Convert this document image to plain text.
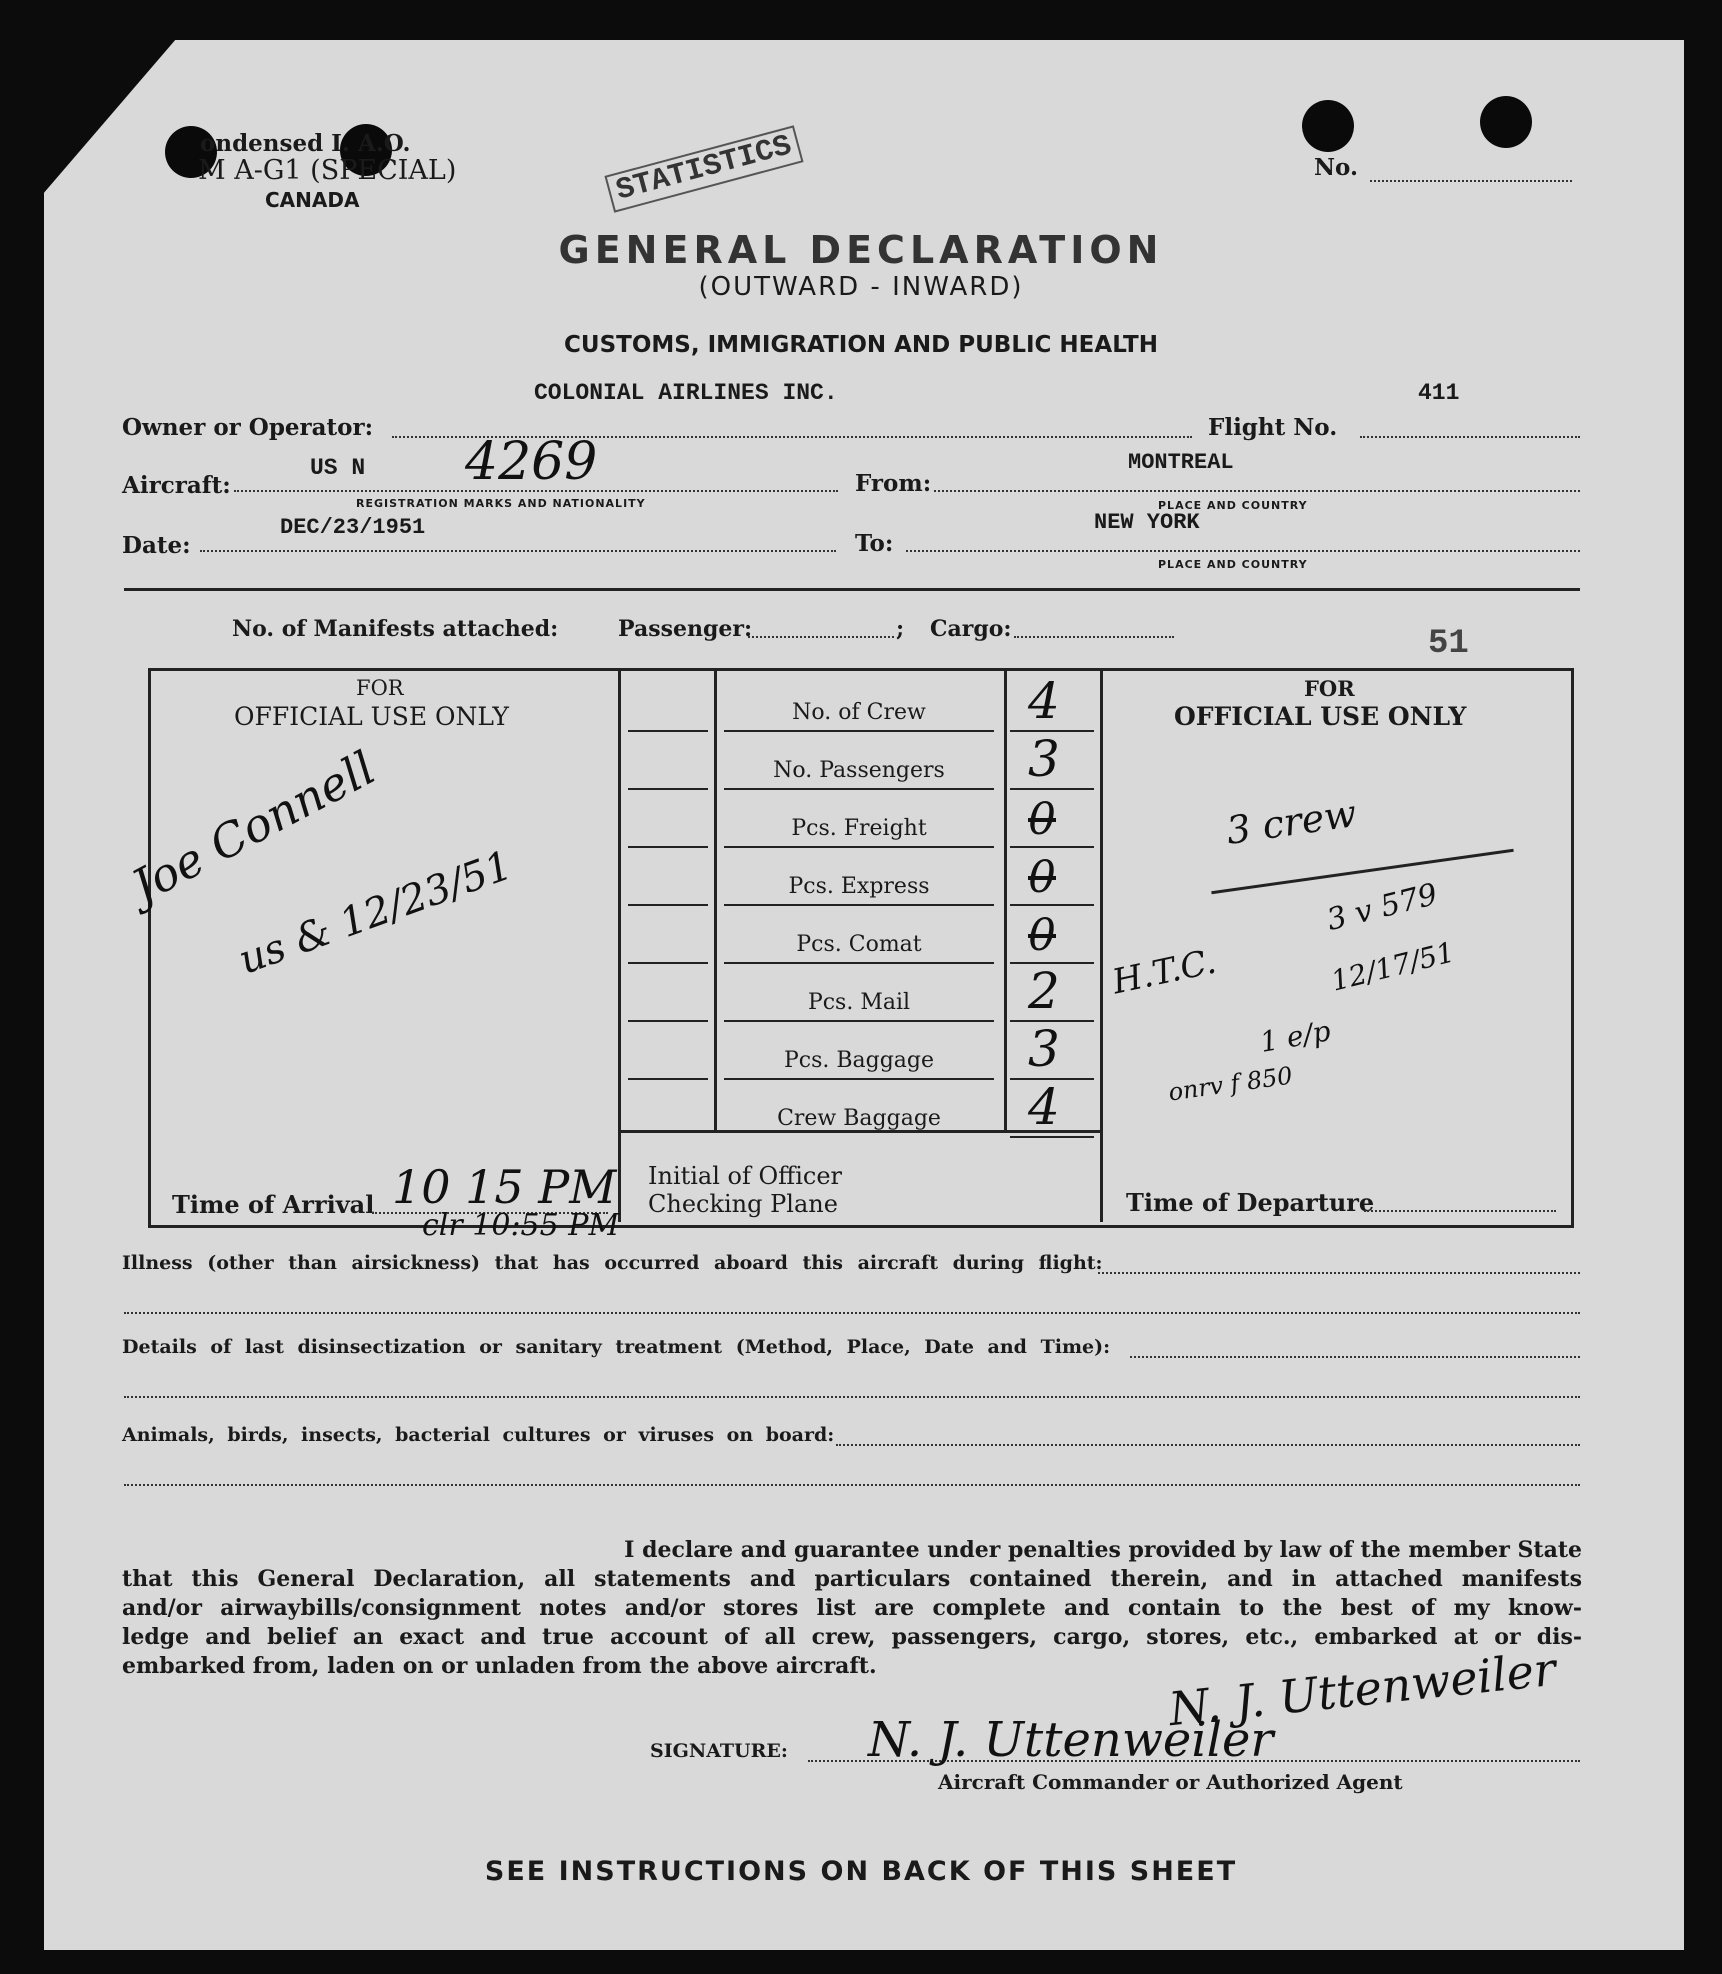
ondensed I. A.O.
M A-G1 (SPECIAL)
CANADA	STATISTICS	No.
GENERAL DECLARATION
(OUTWARD - INWARD)
CUSTOMS, IMMIGRATION AND PUBLIC HEALTH
COLONIAL AIRLINES INC.
Owner or Operator:
411
Flight No.
Aircraft:
US N 4269
REGISTRATION MARKS AND NATIONALITY
From:
MONTREAL
PLACE AND COUNTRY
Date:
DEC/23/1951
To:
NEW YORK
PLACE AND COUNTRY
No. of Manifests attached:	Passenger:	; Cargo:	51
FOR
OFFICIAL USE ONLY
FOR
OFFICIAL USE ONLY
No. of Crew	4
No. Passengers	3
Pcs. Freight	0
Pcs. Express	0
Pcs. Comat	0
Pcs. Mail	2
Pcs. Baggage	3
Crew Baggage	4
Joe Connell
us & 12/23/51
3 crew
H.T.C.
3 v 579
12/17/51
1 e/p
onrv f 850
Time of Arrival 10 15 PM
clr 10:55 PM
Initial of Officer
Checking Plane	Time of Departure
Illness (other than airsickness) that has occurred aboard this aircraft during flight:
Details of last disinsectization or sanitary treatment (Method, Place, Date and Time):
Animals, birds, insects, bacterial cultures or viruses on board:
I declare and guarantee under penalties provided by law of the member State
that this General Declaration, all statements and particulars contained therein, and in attached manifests
and/or airwaybills/consignment notes and/or stores list are complete and contain to the best of my know-
ledge and belief an exact and true account of all crew, passengers, cargo, stores, etc., embarked at or dis-
embarked from, laden on or unladen from the above aircraft.	N. J. Uttenweiler
SIGNATURE: N. J. Uttenweiler
Aircraft Commander or Authorized Agent
SEE INSTRUCTIONS ON BACK OF THIS SHEET
